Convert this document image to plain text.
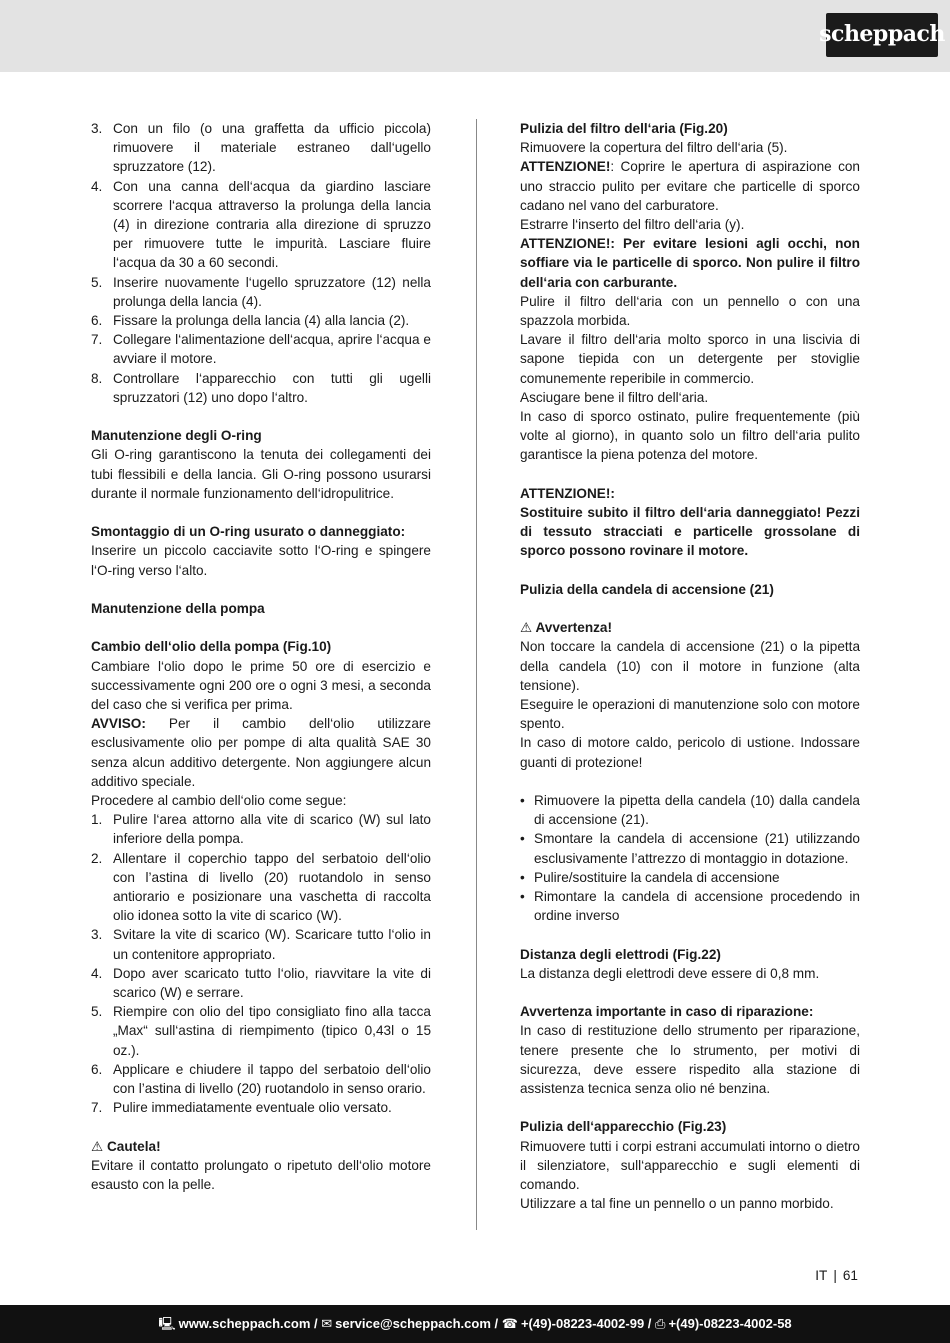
scheppach
3. Con un filo (o una graffetta da ufficio piccola) rimuovere il materiale estraneo dall‘ugello spruzzatore (12).
4. Con una canna dell‘acqua da giardino lasciare scorrere l‘acqua attraverso la prolunga della lancia (4) in direzione contraria alla direzione di spruzzo per rimuovere tutte le impurità. Lasciare fluire l‘acqua da 30 a 60 secondi.
5. Inserire nuovamente l‘ugello spruzzatore (12) nella prolunga della lancia (4).
6. Fissare la prolunga della lancia (4) alla lancia (2).
7. Collegare l‘alimentazione dell‘acqua, aprire l‘acqua e avviare il motore.
8. Controllare l‘apparecchio con tutti gli ugelli spruzzatori (12) uno dopo l‘altro.

Manutenzione degli O-ring

Gli O-ring garantiscono la tenuta dei collegamenti dei tubi flessibili e della lancia. Gli O-ring possono usurarsi durante il normale funzionamento dell‘idropulitrice.

Smontaggio di un O-ring usurato o danneggiato:

Inserire un piccolo cacciavite sotto l‘O-ring e spingere l‘O-ring verso l‘alto.

Manutenzione della pompa

Cambio dell‘olio della pompa (Fig.10)

Cambiare l‘olio dopo le prime 50 ore di esercizio e successivamente ogni 200 ore o ogni 3 mesi, a seconda del caso che si verifica per prima.

AVVISO: Per il cambio dell‘olio utilizzare esclusivamente olio per pompe di alta qualità SAE 30 senza alcun additivo detergente. Non aggiungere alcun additivo speciale.

Procedere al cambio dell‘olio come segue:

1. Pulire l‘area attorno alla vite di scarico (W) sul lato inferiore della pompa.
2. Allentare il coperchio tappo del serbatoio dell‘olio con l’astina di livello (20) ruotandolo in senso antiorario e posizionare una vaschetta di raccolta olio idonea sotto la vite di scarico (W).
3. Svitare la vite di scarico (W). Scaricare tutto l‘olio in un contenitore appropriato.
4. Dopo aver scaricato tutto l‘olio, riavvitare la vite di scarico (W) e serrare.
5. Riempire con olio del tipo consigliato fino alla tacca „Max“ sull‘astina di riempimento (tipico 0,43l o 15 oz.).
6. Applicare e chiudere il tappo del serbatoio dell‘olio con l’astina di livello (20) ruotandolo in senso orario.
7. Pulire immediatamente eventuale olio versato.

⚠ Cautela!

Evitare il contatto prolungato o ripetuto dell‘olio motore esausto con la pelle.

Pulizia del filtro dell‘aria (Fig.20)

Rimuovere la copertura del filtro dell‘aria (5).

ATTENZIONE!: Coprire le apertura di aspirazione con uno straccio pulito per evitare che particelle di sporco cadano nel vano del carburatore.

Estrarre l‘inserto del filtro dell‘aria (y).

ATTENZIONE!: Per evitare lesioni agli occhi, non soffiare via le particelle di sporco. Non pulire il filtro dell‘aria con carburante.

Pulire il filtro dell‘aria con un pennello o con una spazzola morbida.

Lavare il filtro dell‘aria molto sporco in una liscivia di sapone tiepida con un detergente per stoviglie comunemente reperibile in commercio.

Asciugare bene il filtro dell‘aria.

In caso di sporco ostinato, pulire frequentemente (più volte al giorno), in quanto solo un filtro dell‘aria pulito garantisce la piena potenza del motore.

ATTENZIONE!:

Sostituire subito il filtro dell‘aria danneggiato! Pezzi di tessuto stracciati e particelle grossolane di sporco possono rovinare il motore.

Pulizia della candela di accensione (21)

⚠ Avvertenza!

Non toccare la candela di accensione (21) o la pipetta della candela (10) con il motore in funzione (alta tensione).

Eseguire le operazioni di manutenzione solo con motore spento.

In caso di motore caldo, pericolo di ustione. Indossare guanti di protezione!

• Rimuovere la pipetta della candela (10) dalla candela di accensione (21).
• Smontare la candela di accensione (21) utilizzando esclusivamente l’attrezzo di montaggio in dotazione.
• Pulire/sostituire la candela di accensione
• Rimontare la candela di accensione procedendo in ordine inverso

Distanza degli elettrodi (Fig.22)

La distanza degli elettrodi deve essere di 0,8 mm.

Avvertenza importante in caso di riparazione:

In caso di restituzione dello strumento per riparazione, tenere presente che lo strumento, per motivi di sicurezza, deve essere rispedito alla stazione di assistenza tecnica senza olio né benzina.

Pulizia dell‘apparecchio (Fig.23)

Rimuovere tutti i corpi estrani accumulati intorno o dietro il silenziatore, sull‘apparecchio e sugli elementi di comando.

Utilizzare a tal fine un pennello o un panno morbido.

IT | 61
🖳 www.scheppach.com / ✉ service@scheppach.com / ☎ +(49)-08223-4002-99 / ⎙ +(49)-08223-4002-58
